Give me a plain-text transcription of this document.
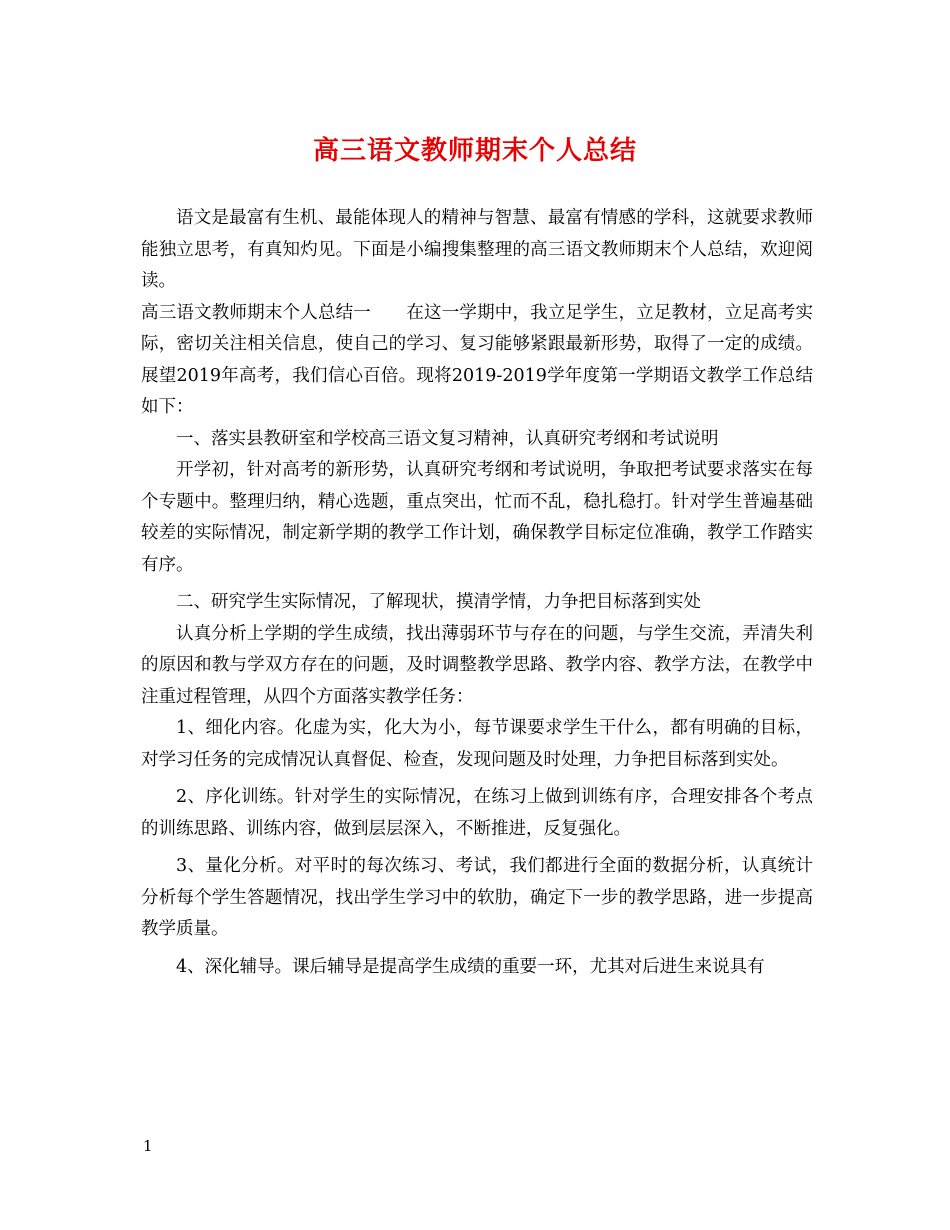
高三语文教师期末个人总结

语文是最富有生机、最能体现人的精神与智慧、最富有情感的学科，这就要求教师能独立思考，有真知灼见。下面是小编搜集整理的高三语文教师期末个人总结，欢迎阅读。

高三语文教师期末个人总结一　　在这一学期中，我立足学生，立足教材，立足高考实际，密切关注相关信息，使自己的学习、复习能够紧跟最新形势，取得了一定的成绩。展望2019年高考，我们信心百倍。现将2019-2019学年度第一学期语文教学工作总结如下：

一、落实县教研室和学校高三语文复习精神，认真研究考纲和考试说明

开学初，针对高考的新形势，认真研究考纲和考试说明，争取把考试要求落实在每个专题中。整理归纳，精心选题，重点突出，忙而不乱，稳扎稳打。针对学生普遍基础较差的实际情况，制定新学期的教学工作计划，确保教学目标定位准确，教学工作踏实有序。

二、研究学生实际情况，了解现状，摸清学情，力争把目标落到实处

认真分析上学期的学生成绩，找出薄弱环节与存在的问题，与学生交流，弄清失利的原因和教与学双方存在的问题，及时调整教学思路、教学内容、教学方法，在教学中注重过程管理，从四个方面落实教学任务：

1、细化内容。化虚为实，化大为小，每节课要求学生干什么，都有明确的目标，对学习任务的完成情况认真督促、检查，发现问题及时处理，力争把目标落到实处。

2、序化训练。针对学生的实际情况，在练习上做到训练有序，合理安排各个考点的训练思路、训练内容，做到层层深入，不断推进，反复强化。

3、量化分析。对平时的每次练习、考试，我们都进行全面的数据分析，认真统计分析每个学生答题情况，找出学生学习中的软肋，确定下一步的教学思路，进一步提高教学质量。

4、深化辅导。课后辅导是提高学生成绩的重要一环，尤其对后进生来说具有

1
